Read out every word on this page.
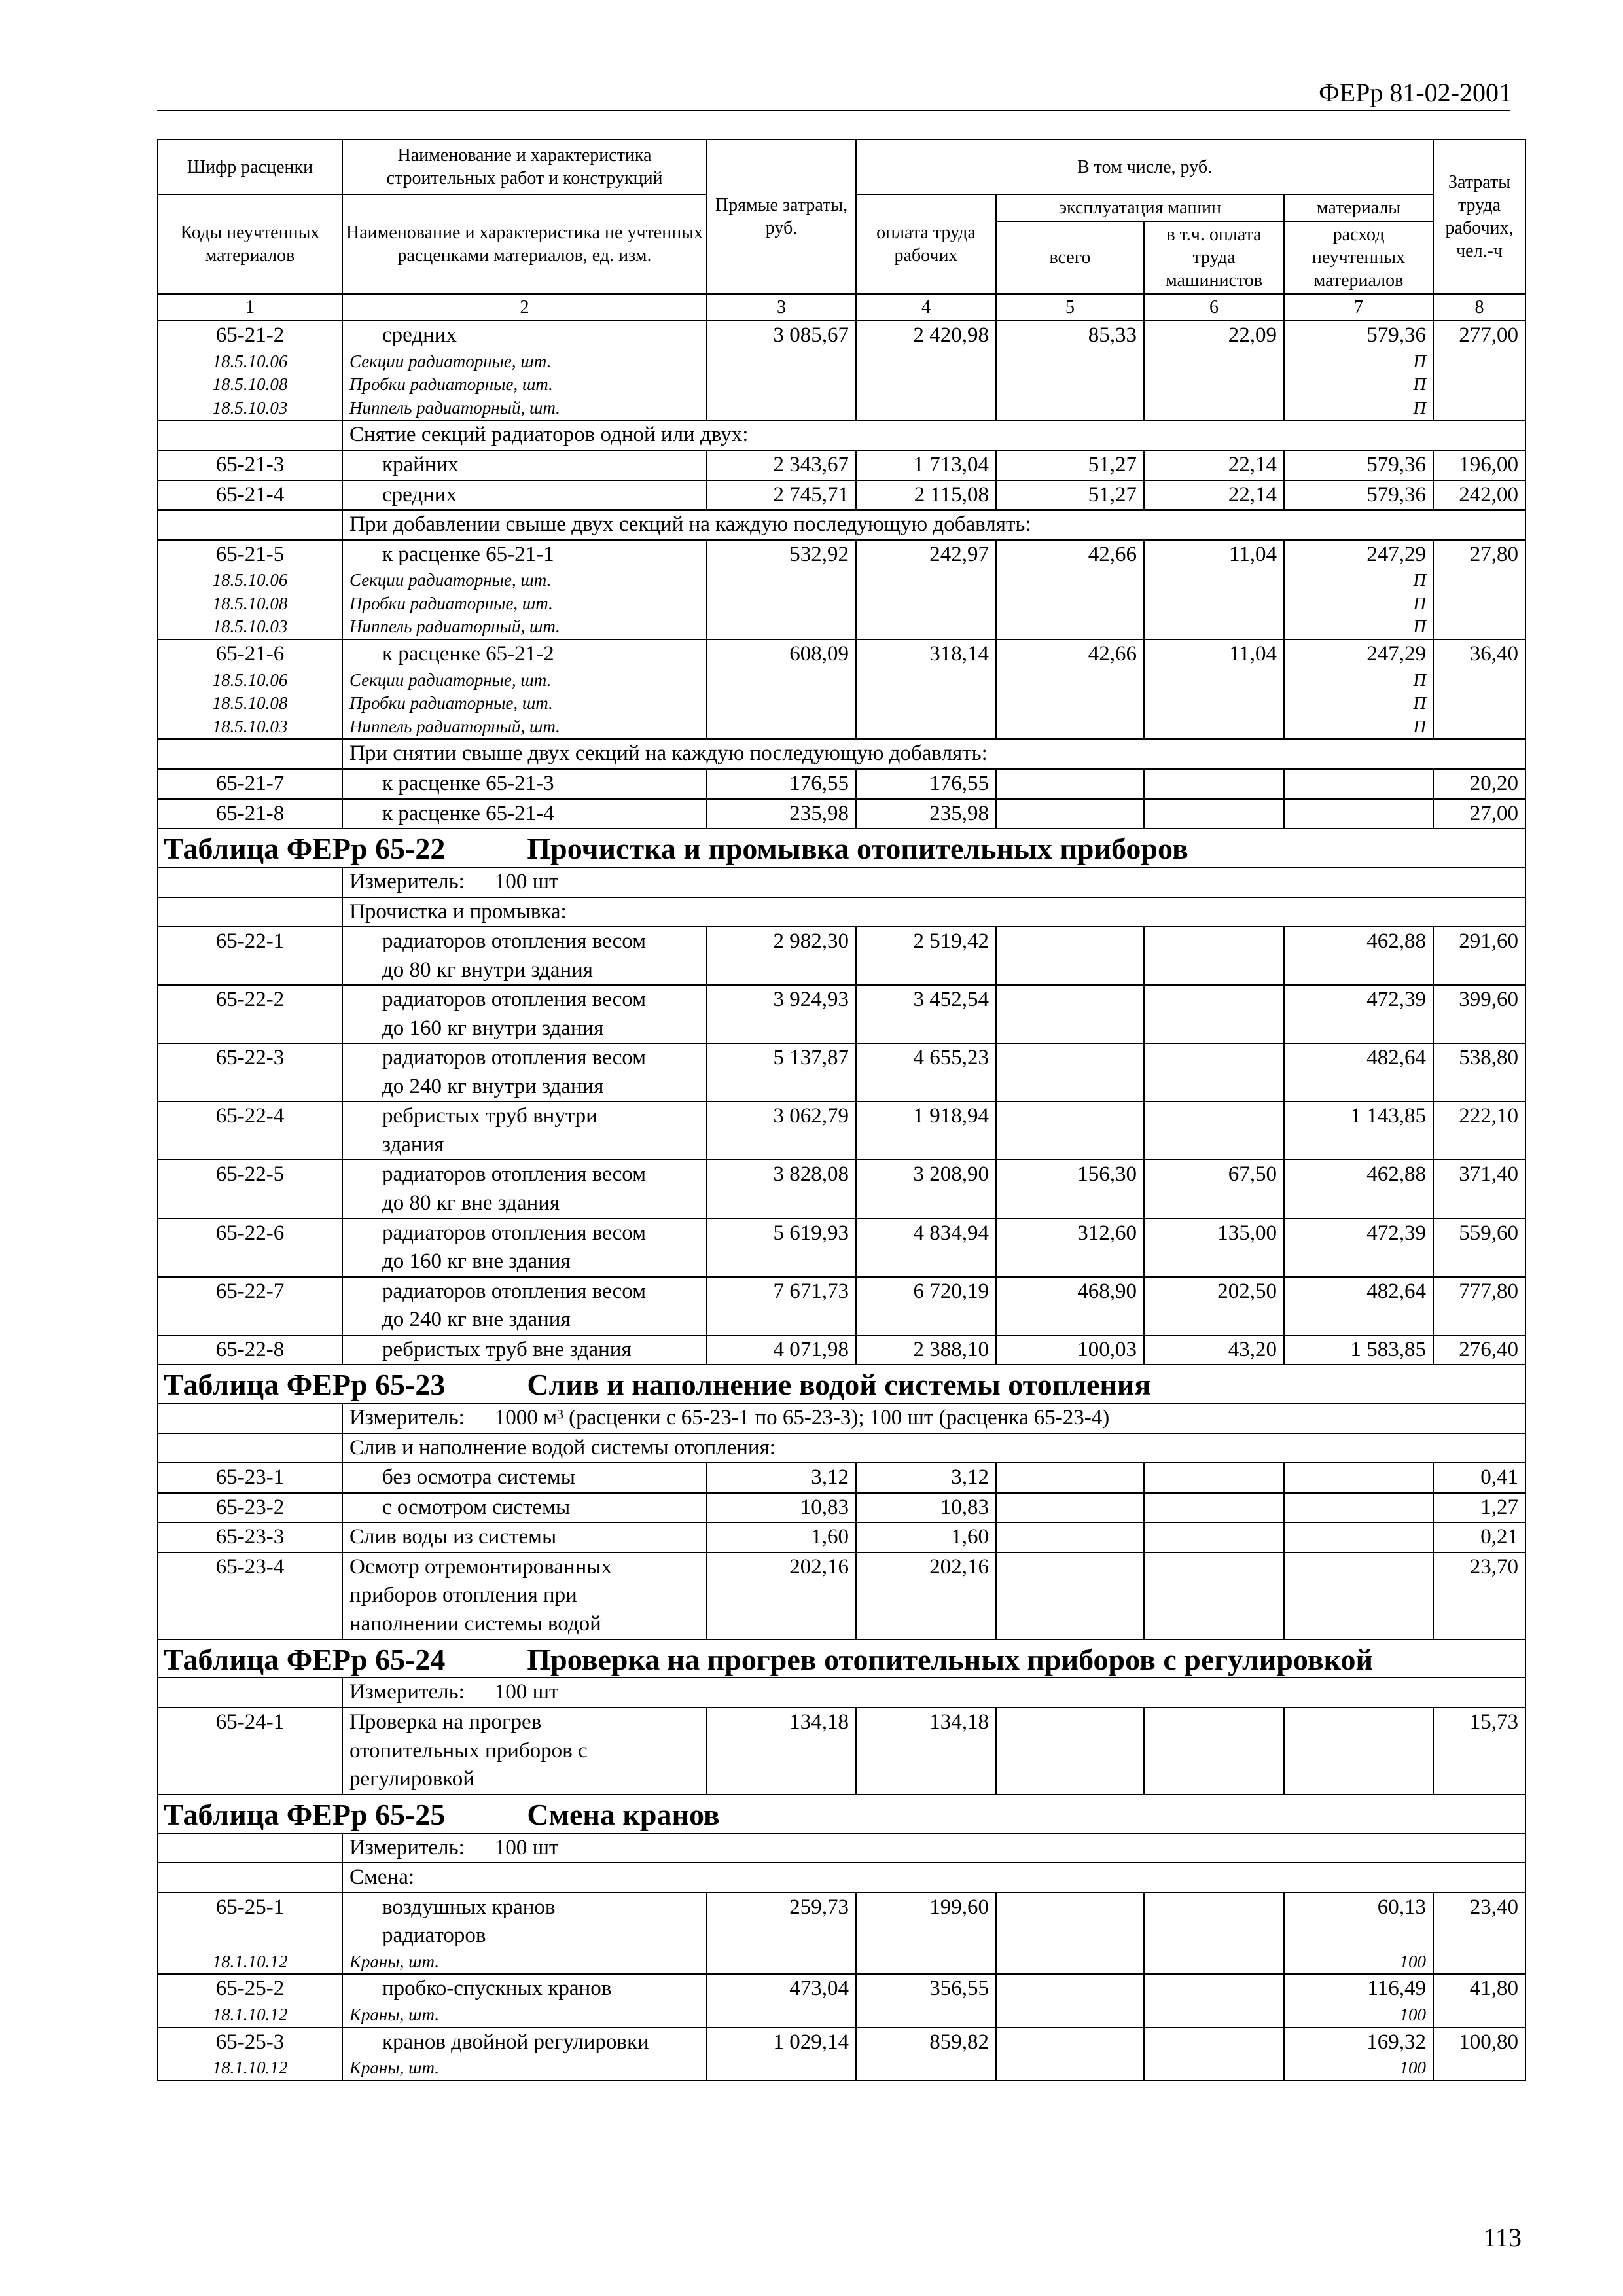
ФЕРр 81-02-2001
Шифр расценки	Наименование и характеристика строительных работ и конструкций	Прямые затраты, руб.	В том числе, руб.				Затраты труда рабочих, чел.-ч
Коды неучтенных материалов	Наименование и характеристика не учтенных расценками материалов, ед. изм.		оплата труда рабочих	эксплуатация машин		материалы	
				всего	в т.ч. оплата труда машинистов	расход неучтенных материалов	
1	2	3	4	5	6	7	8
65-21-2	средних	3 085,67	2 420,98	85,33	22,09	579,36	277,00
18.5.10.06	Секции радиаторные, шт.					П	
18.5.10.08	Пробки радиаторные, шт.					П	
18.5.10.03	Ниппель радиаторный, шт.					П	
	Снятие секций радиаторов одной или двух:						
65-21-3	крайних	2 343,67	1 713,04	51,27	22,14	579,36	196,00
65-21-4	средних	2 745,71	2 115,08	51,27	22,14	579,36	242,00
	При добавлении свыше двух секций на каждую последующую добавлять:						
65-21-5	к расценке 65-21-1	532,92	242,97	42,66	11,04	247,29	27,80
18.5.10.06	Секции радиаторные, шт.					П	
18.5.10.08	Пробки радиаторные, шт.					П	
18.5.10.03	Ниппель радиаторный, шт.					П	
65-21-6	к расценке 65-21-2	608,09	318,14	42,66	11,04	247,29	36,40
18.5.10.06	Секции радиаторные, шт.					П	
18.5.10.08	Пробки радиаторные, шт.					П	
18.5.10.03	Ниппель радиаторный, шт.					П	
	При снятии свыше двух секций на каждую последующую добавлять:						
65-21-7	к расценке 65-21-3	176,55	176,55				20,20
65-21-8	к расценке 65-21-4	235,98	235,98				27,00
Таблица ФЕРр 65-22 Прочистка и промывка отопительных приборов							
	Измеритель: 100 шт						
	Прочистка и промывка:						
65-22-1	радиаторов отопления весом
до 80 кг внутри здания	2 982,30	2 519,42			462,88	291,60
65-22-2	радиаторов отопления весом
до 160 кг внутри здания	3 924,93	3 452,54			472,39	399,60
65-22-3	радиаторов отопления весом
до 240 кг внутри здания	5 137,87	4 655,23			482,64	538,80
65-22-4	ребристых труб внутри
здания	3 062,79	1 918,94			1 143,85	222,10
65-22-5	радиаторов отопления весом
до 80 кг вне здания	3 828,08	3 208,90	156,30	67,50	462,88	371,40
65-22-6	радиаторов отопления весом
до 160 кг вне здания	5 619,93	4 834,94	312,60	135,00	472,39	559,60
65-22-7	радиаторов отопления весом
до 240 кг вне здания	7 671,73	6 720,19	468,90	202,50	482,64	777,80
65-22-8	ребристых труб вне здания	4 071,98	2 388,10	100,03	43,20	1 583,85	276,40
Таблица ФЕРр 65-23 Слив и наполнение водой системы отопления							
	Измеритель: 1000 м³ (расценки с 65-23-1 по 65-23-3); 100 шт (расценка 65-23-4)						
	Слив и наполнение водой системы отопления:						
65-23-1	без осмотра системы	3,12	3,12				0,41
65-23-2	с осмотром системы	10,83	10,83				1,27
65-23-3	Слив воды из системы	1,60	1,60				0,21
65-23-4	Осмотр отремонтированных
приборов отопления при
наполнении системы водой	202,16	202,16				23,70
Таблица ФЕРр 65-24 Проверка на прогрев отопительных приборов с регулировкой							
	Измеритель: 100 шт						
65-24-1	Проверка на прогрев
отопительных приборов с
регулировкой	134,18	134,18				15,73
Таблица ФЕРр 65-25 Смена кранов							
	Измеритель: 100 шт						
	Смена:						
65-25-1	воздушных кранов
радиаторов	259,73	199,60			60,13	23,40
18.1.10.12	Краны, шт.					100	
65-25-2	пробко-спускных кранов	473,04	356,55			116,49	41,80
18.1.10.12	Краны, шт.					100	
65-25-3	кранов двойной регулировки	1 029,14	859,82			169,32	100,80
18.1.10.12	Краны, шт.					100	
113
